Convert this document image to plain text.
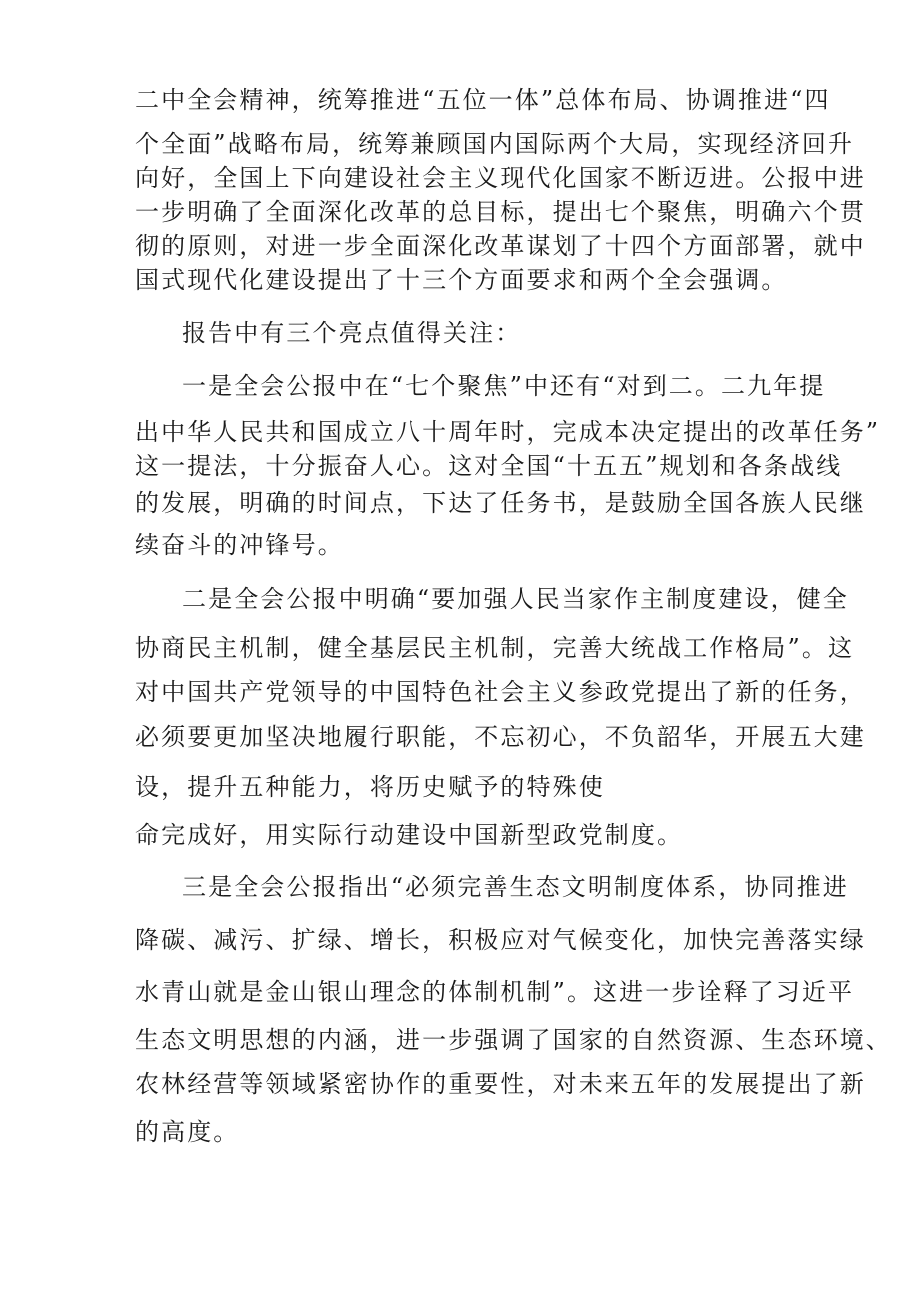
二中全会精神，统筹推进“五位一体”总体布局、协调推进“四
个全面”战略布局，统筹兼顾国内国际两个大局，实现经济回升
向好，全国上下向建设社会主义现代化国家不断迈进。公报中进
一步明确了全面深化改革的总目标，提出七个聚焦，明确六个贯
彻的原则，对进一步全面深化改革谋划了十四个方面部署，就中
国式现代化建设提出了十三个方面要求和两个全会强调。
报告中有三个亮点值得关注：
一是全会公报中在“七个聚焦”中还有“对到二。二九年提
出中华人民共和国成立八十周年时，完成本决定提出的改革任务”
这一提法，十分振奋人心。这对全国“十五五”规划和各条战线
的发展，明确的时间点，下达了任务书，是鼓励全国各族人民继
续奋斗的冲锋号。
二是全会公报中明确“要加强人民当家作主制度建设，健全
协商民主机制，健全基层民主机制，完善大统战工作格局”。这
对中国共产党领导的中国特色社会主义参政党提出了新的任务，
必须要更加坚决地履行职能，不忘初心，不负韶华，开展五大建
设，提升五种能力，将历史赋予的特殊使
命完成好，用实际行动建设中国新型政党制度。
三是全会公报指出“必须完善生态文明制度体系，协同推进
降碳、减污、扩绿、增长，积极应对气候变化，加快完善落实绿
水青山就是金山银山理念的体制机制”。这进一步诠释了习近平
生态文明思想的内涵，进一步强调了国家的自然资源、生态环境、
农林经营等领域紧密协作的重要性，对未来五年的发展提出了新
的高度。
